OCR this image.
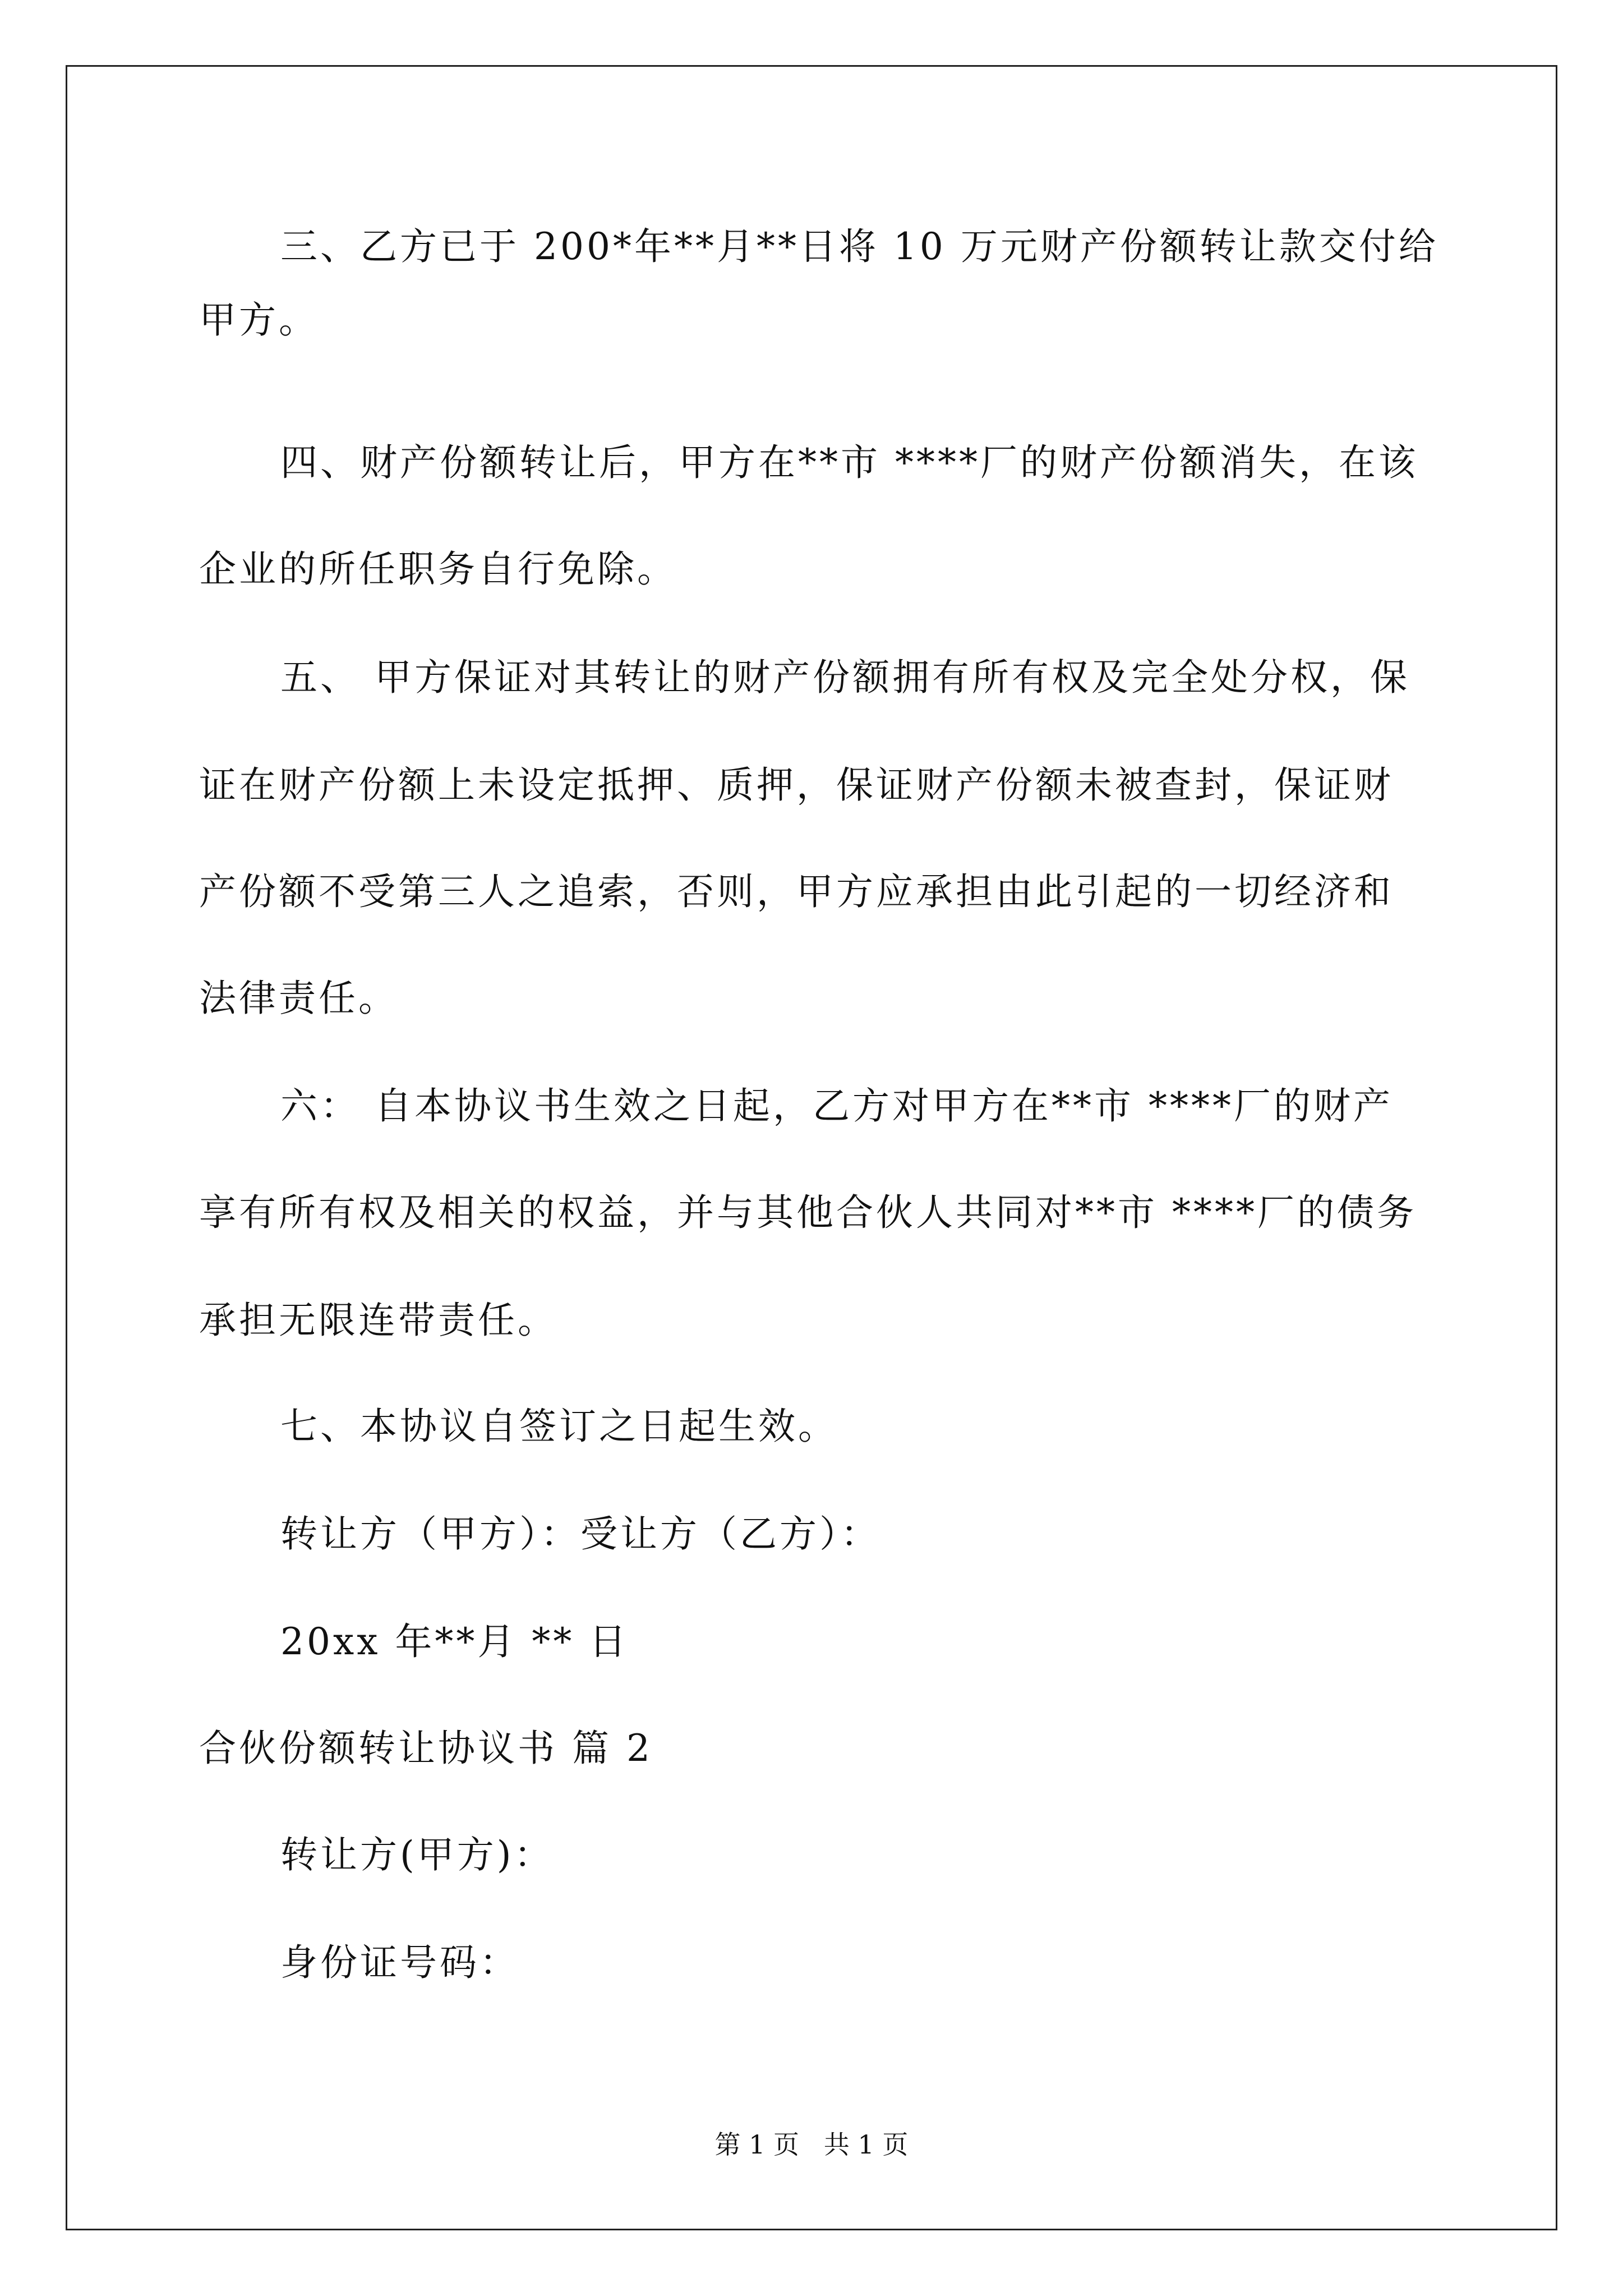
三、乙方已于 200*年**月**日将 10 万元财产份额转让款交付给
甲方。
四、财产份额转让后，甲方在**市 ****厂的财产份额消失，在该
企业的所任职务自行免除。
五、 甲方保证对其转让的财产份额拥有所有权及完全处分权，保
证在财产份额上未设定抵押、质押，保证财产份额未被查封，保证财
产份额不受第三人之追索，否则，甲方应承担由此引起的一切经济和
法律责任。
六： 自本协议书生效之日起，乙方对甲方在**市 ****厂的财产
享有所有权及相关的权益，并与其他合伙人共同对**市 ****厂的债务
承担无限连带责任。
七、本协议自签订之日起生效。
转让方（甲方）：受让方（乙方）：
20xx 年**月 ** 日
合伙份额转让协议书 篇 2
转让方(甲方)：
身份证号码：
第 1 页   共 1 页
